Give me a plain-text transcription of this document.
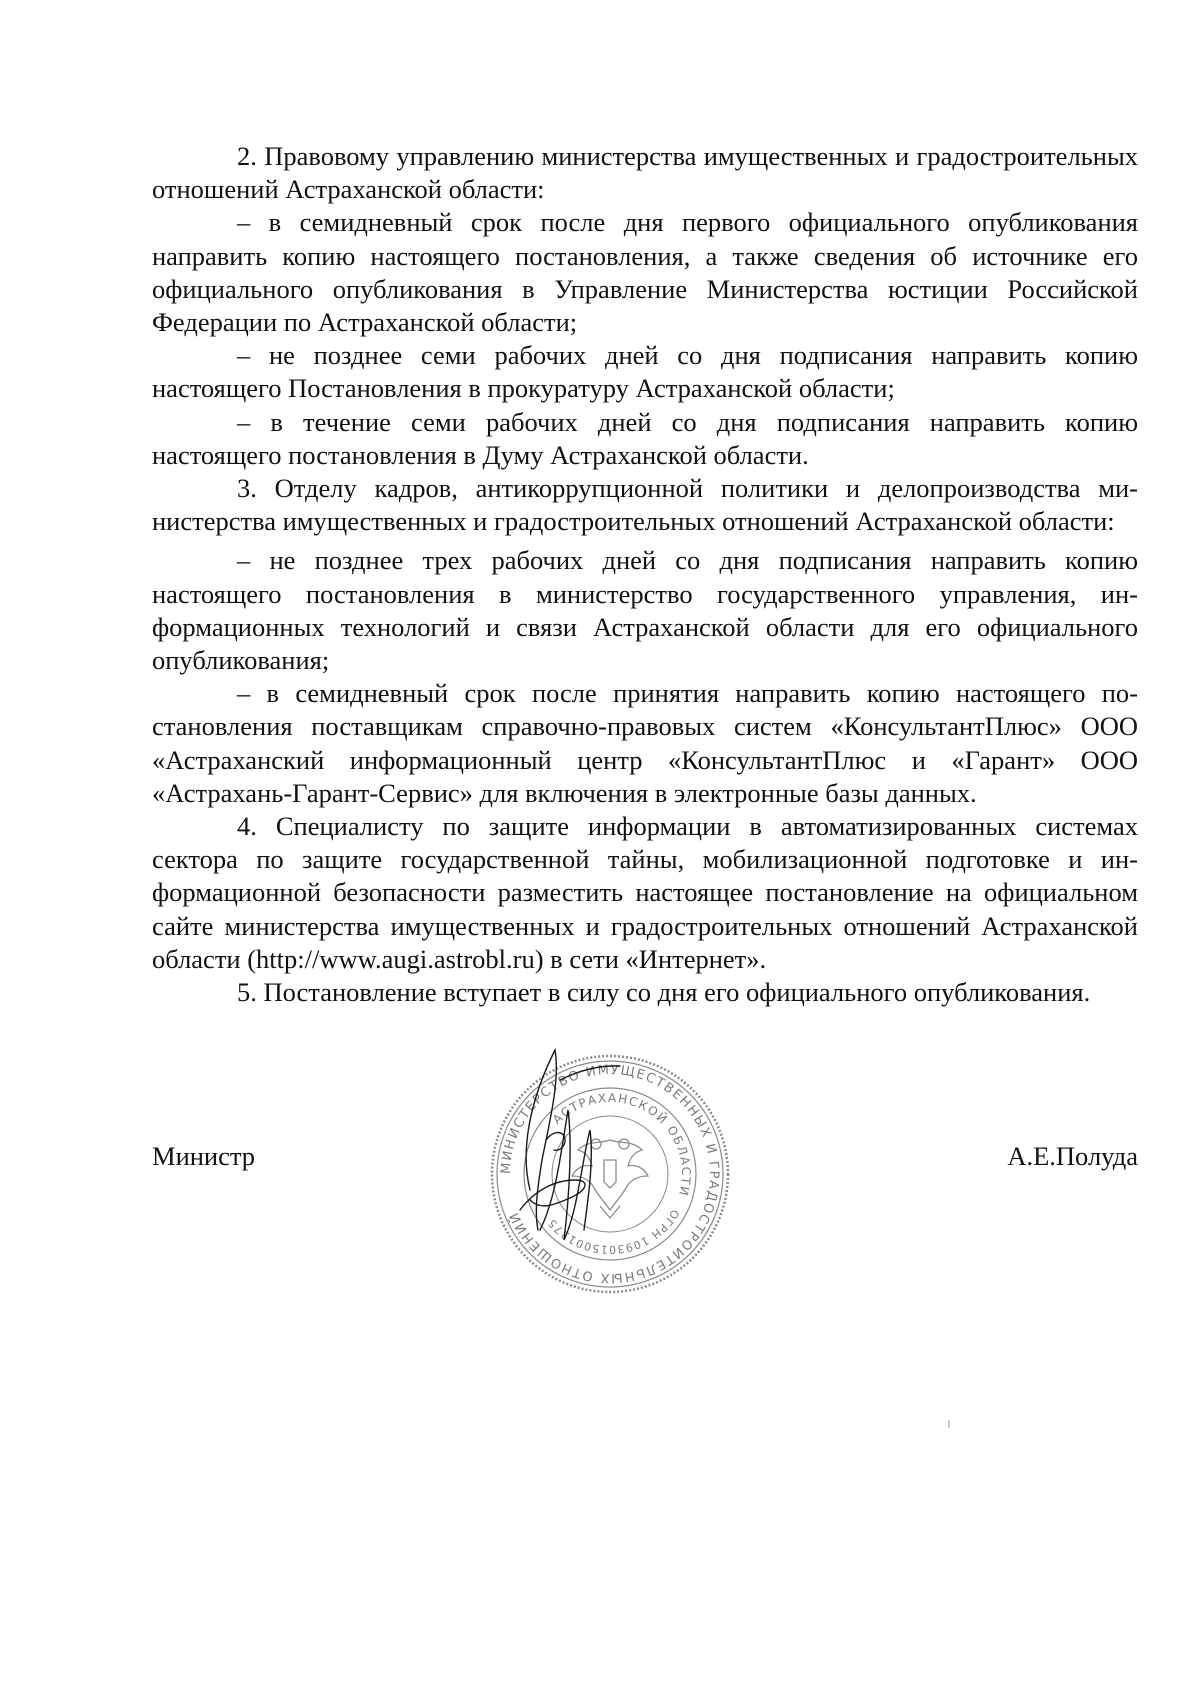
2. Правовому управлению министерства имущественных и градостроительных отношений Астраханской области:

– в семидневный срок после дня первого официального опубликования направить копию настоящего постановления, а также сведения об источнике его официального опубликования в Управление Министерства юстиции Российской Федерации по Астраханской области;

– не позднее семи рабочих дней со дня подписания направить копию настоящего Постановления в прокуратуру Астраханской области;

– в течение семи рабочих дней со дня подписания направить копию настоящего постановления в Думу Астраханской области.

3. Отделу кадров, антикоррупционной политики и делопроизводства министерства имущественных и градостроительных отношений Астраханской области:

– не позднее трех рабочих дней со дня подписания направить копию настоящего постановления в министерство государственного управления, информационных технологий и связи Астраханской области для его официального опубликования;

– в семидневный срок после принятия направить копию настоящего постановления поставщикам справочно-правовых систем «КонсультантПлюс» ООО «Астраханский информационный центр «КонсультантПлюс и «Гарант» ООО «Астрахань-Гарант-Сервис» для включения в электронные базы данных.

4. Специалисту по защите информации в автоматизированных системах сектора по защите государственной тайны, мобилизационной подготовке и информационной безопасности разместить настоящее постановление на официальном сайте министерства имущественных и градостроительных отношений Астраханской области (http://www.augi.astrobl.ru) в сети «Интернет».

5. Постановление вступает в силу со дня его официального опубликования.

МИНИСТЕРСТВО ИМУЩЕСТВЕННЫХ И ГРАДОСТРОИТЕЛЬНЫХ ОТНОШЕНИЙ
АСТРАХАНСКОЙ ОБЛАСТИ
ОГРН 1093015001375
Министр	А.Е.Полуда
